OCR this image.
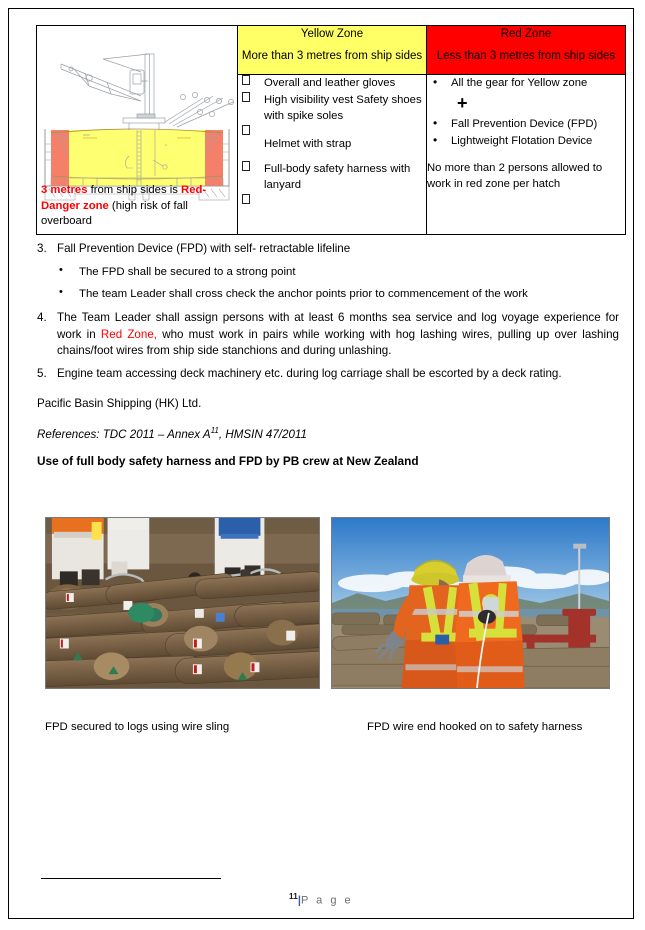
4000
4000
A
3 metres from ship sides is Red-Danger zone (high risk of fall overboard

Yellow Zone
More than 3 metres from ship sides

Red Zone
Less than 3 metres from ship sides

Overall and leather gloves
High visibility vest Safety shoes with spike soles
Helmet with strap
Full-body safety harness with lanyard

• All the gear for Yellow zone
+
• Fall Prevention Device (FPD)
• Lightweight Flotation Device
No more than 2 persons allowed to work in red zone per hatch
3. Fall Prevention Device (FPD) with self- retractable lifeline
• The FPD shall be secured to a strong point
• The team Leader shall cross check the anchor points prior to commencement of the work
4. The Team Leader shall assign persons with at least 6 months sea service and log voyage experience for work in Red Zone, who must work in pairs while working with hog lashing wires, pulling up over lashing chains/foot wires from ship side stanchions and during unlashing.
5. Engine team accessing deck machinery etc. during log carriage shall be escorted by a deck rating.
Pacific Basin Shipping (HK) Ltd.
References: TDC 2011 – Annex $A^{11}$, HMSIN 47/2011
Use of full body safety harness and FPD by PB crew at New Zealand
FPD secured to logs using wire sling	FPD wire end hooked on to safety harness
$^{11}$|P a g e
